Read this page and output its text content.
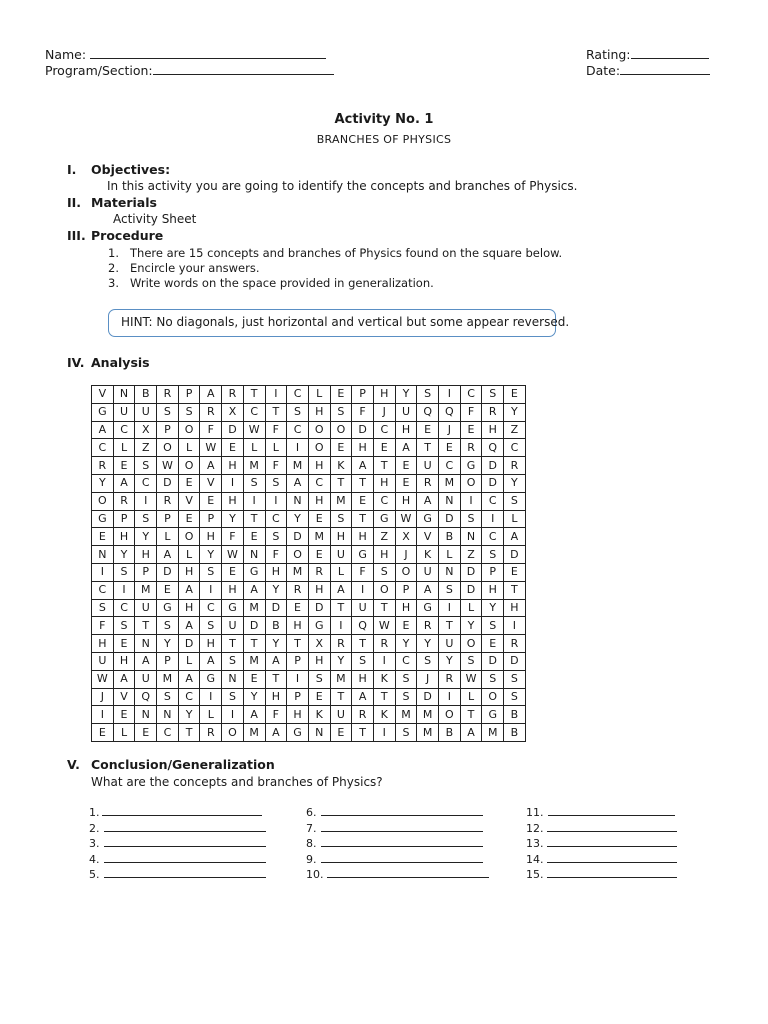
Name:
Program/Section:
Rating:
Date:
Activity No. 1
BRANCHES OF PHYSICS
I. Objectives:
In this activity you are going to identify the concepts and branches of Physics.
II. Materials
Activity Sheet
III. Procedure
1. There are 15 concepts and branches of Physics found on the square below.
2. Encircle your answers.
3. Write words on the space provided in generalization.
HINT: No diagonals, just horizontal and vertical but some appear reversed.
IV. Analysis
V	N	B	R	P	A	R	T	I	C	L	E	P	H	Y	S	I	C	S	E
G	U	U	S	S	R	X	C	T	S	H	S	F	J	U	Q	Q	F	R	Y
A	C	X	P	O	F	D	W	F	C	O	O	D	C	H	E	J	E	H	Z
C	L	Z	O	L	W	E	L	L	I	O	E	H	E	A	T	E	R	Q	C
R	E	S	W	O	A	H	M	F	M	H	K	A	T	E	U	C	G	D	R
Y	A	C	D	E	V	I	S	S	A	C	T	T	H	E	R	M	O	D	Y
O	R	I	R	V	E	H	I	I	N	H	M	E	C	H	A	N	I	C	S
G	P	S	P	E	P	Y	T	C	Y	E	S	T	G	W	G	D	S	I	L
E	H	Y	L	O	H	F	E	S	D	M	H	H	Z	X	V	B	N	C	A
N	Y	H	A	L	Y	W	N	F	O	E	U	G	H	J	K	L	Z	S	D
I	S	P	D	H	S	E	G	H	M	R	L	F	S	O	U	N	D	P	E
C	I	M	E	A	I	H	A	Y	R	H	A	I	O	P	A	S	D	H	T
S	C	U	G	H	C	G	M	D	E	D	T	U	T	H	G	I	L	Y	H
F	S	T	S	A	S	U	D	B	H	G	I	Q	W	E	R	T	Y	S	I
H	E	N	Y	D	H	T	T	Y	T	X	R	T	R	Y	Y	U	O	E	R
U	H	A	P	L	A	S	M	A	P	H	Y	S	I	C	S	Y	S	D	D
W	A	U	M	A	G	N	E	T	I	S	M	H	K	S	J	R	W	S	S
J	V	Q	S	C	I	S	Y	H	P	E	T	A	T	S	D	I	L	O	S
I	E	N	N	Y	L	I	A	F	H	K	U	R	K	M	M	O	T	G	B
E	L	E	C	T	R	O	M	A	G	N	E	T	I	S	M	B	A	M	B
V. Conclusion/Generalization
What are the concepts and branches of Physics?
1.
2.
3.
4.
5.
6.
7.
8.
9.
10.
11.
12.
13.
14.
15.
